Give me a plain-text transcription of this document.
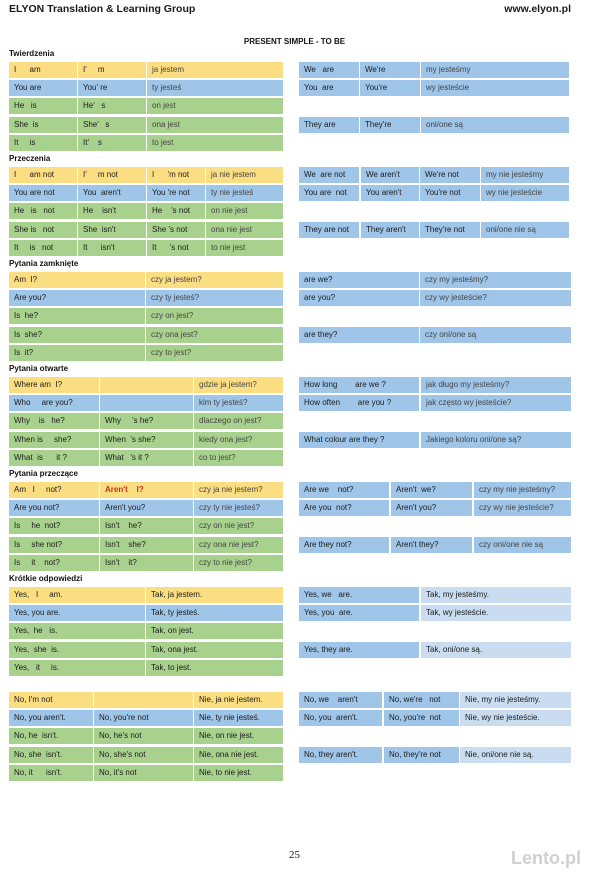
ELYON Translation & Learning Group	www.elyon.pl
PRESENT SIMPLE - TO BE
Twierdzenia
Przeczenia
Pytania zamknięte
Pytania otwarte
Pytania przeczące
Krótkie odpowiedzi
I      am	I'     m	ja jestem
You are	You' re	ty jesteś
He   is	He'   s	on jest
She  is	She'   s	ona jest
It     is	It'    s	to jest
We   are	We're	my jesteśmy
You  are	You're	wy jesteście
They are	They're	oni/one są
I      am not	I'     m not	I      'm not	ja nie jestem
You are not	You  aren't	You 're not	ty nie jesteś
He   is   not	He    isn't	He    's not	on nie jest
She is   not	She  isn't	She 's not	ona nie jest
It     is   not	It      isn't	It      's not	to nie jest
We  are not	We aren't	We're not	my nie jesteśmy
You are  not	You aren't	You're not	wy nie jesteście
They are not	They aren't	They're not	oni/one nie są
Am  I?	czy ja jestem?
Are you?	czy ty jesteś?
Is  he?	czy on jest?
Is  she?	czy ona jest?
Is  it?	czy to jest?
are we?	czy my jesteśmy?
are you?	czy wy jesteście?
are they?	czy oni/one są
Where am  I?	gdzie ja jestem?
Who     are you?	kim ty jesteś?
Why    is   he?	Why     's he?	dlaczego on jest?
When is     she?	When  's she?	kiedy ona jest?
What  is      it ?	What   's it ?	co to jest?
How long        are we ?	jak długo my jesteśmy?
How often        are you ?	jak często wy jesteście?
What colour are they ?	Jakiego koloru oni/one są?
Am   I     not?	Aren't    I?	czy ja nie jestem?
Are you not?	Aren't you?	czy ty nie jesteś?
Is     he  not?	Isn't    he?	czy on nie jest?
Is     she not?	Isn't    she?	czy ona nie jest?
Is     it    not?	Isn't    it?	czy to nie jest?
Are we    not?	Aren't  we?	czy my nie jesteśmy?
Are you  not?	Aren't you?	czy wy nie jesteście?
Are they not?	Aren't they?	czy oni/one nie są
Yes,   I     am.	Tak, ja jestem.
Yes, you are.	Tak, ty jesteś.
Yes,  he   is.	Tak, on jest.
Yes,  she  is.	Tak, ona jest.
Yes,   it     is.	Tak, to jest.
Yes, we   are.	Tak, my jesteśmy.
Yes, you  are.	Tak, wy jesteście.
Yes, they are.	Tak, oni/one są.
No, I'm not	Nie, ja nie jestem.
No, you aren't.	No, you're not	Nie, ty nie jesteś.
No, he  isn't.	No, he's not	Nie, on nie jest.
No, she  isn't.	No, she's not	Nie, ona nie jest.
No, it      isn't.	No, it's not	Nie, to nie jest.
No, we    aren't	No, we're   not	Nie, my nie jesteśmy.
No, you  aren't.	No, you're  not	Nie, wy nie jesteście.
No, they aren't.	No, they're not	Nie, oni/one nie są.
25	Lento.pl
